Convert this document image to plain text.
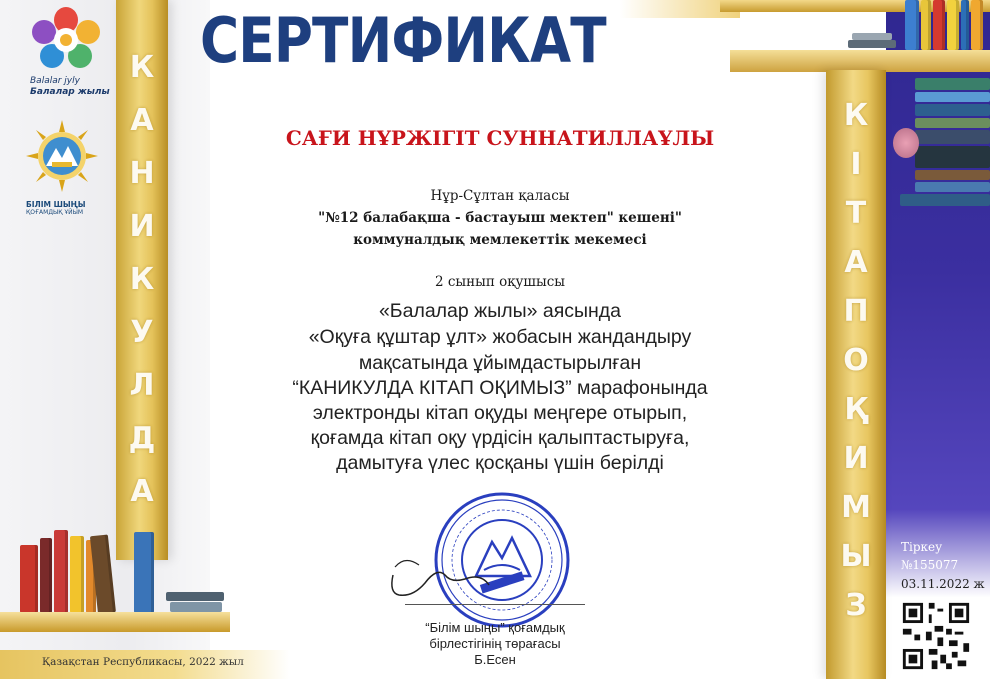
К
А
Н
И
К
У
Л
Д
А
К
І
Т
А
П
О
Қ
И
М
Ы
З
Balalar jyly
Балалар жылы
БІЛІМ ШЫҢЫ
ҚОҒАМДЫҚ ҰЙЫМ
СЕРТИФИКАТ
САҒИ НҰРЖІГІТ СУННАТИЛЛАҰЛЫ
Нұр-Сұлтан қаласы
"№12 балабақша - бастауыш мектеп" кешені"
коммуналдық мемлекеттік мекемесі
2 сынып оқушысы
«Балалар жылы» аясында
«Оқуға құштар ұлт» жобасын жандандыру
мақсатында ұйымдастырылған
“КАНИКУЛДА КІТАП ОҚИМЫЗ” марафонында
электронды кітап оқуды меңгере отырып,
қоғамда кітап оқу үрдісін қалыптастыруға,
дамытуға үлес қосқаны үшін берілді
“Білім шыңы” қоғамдық
бірлестігінің төрағасы
Б.Есен
Қазақстан Республикасы, 2022 жыл
Тіркеу
№155077
03.11.2022 ж
